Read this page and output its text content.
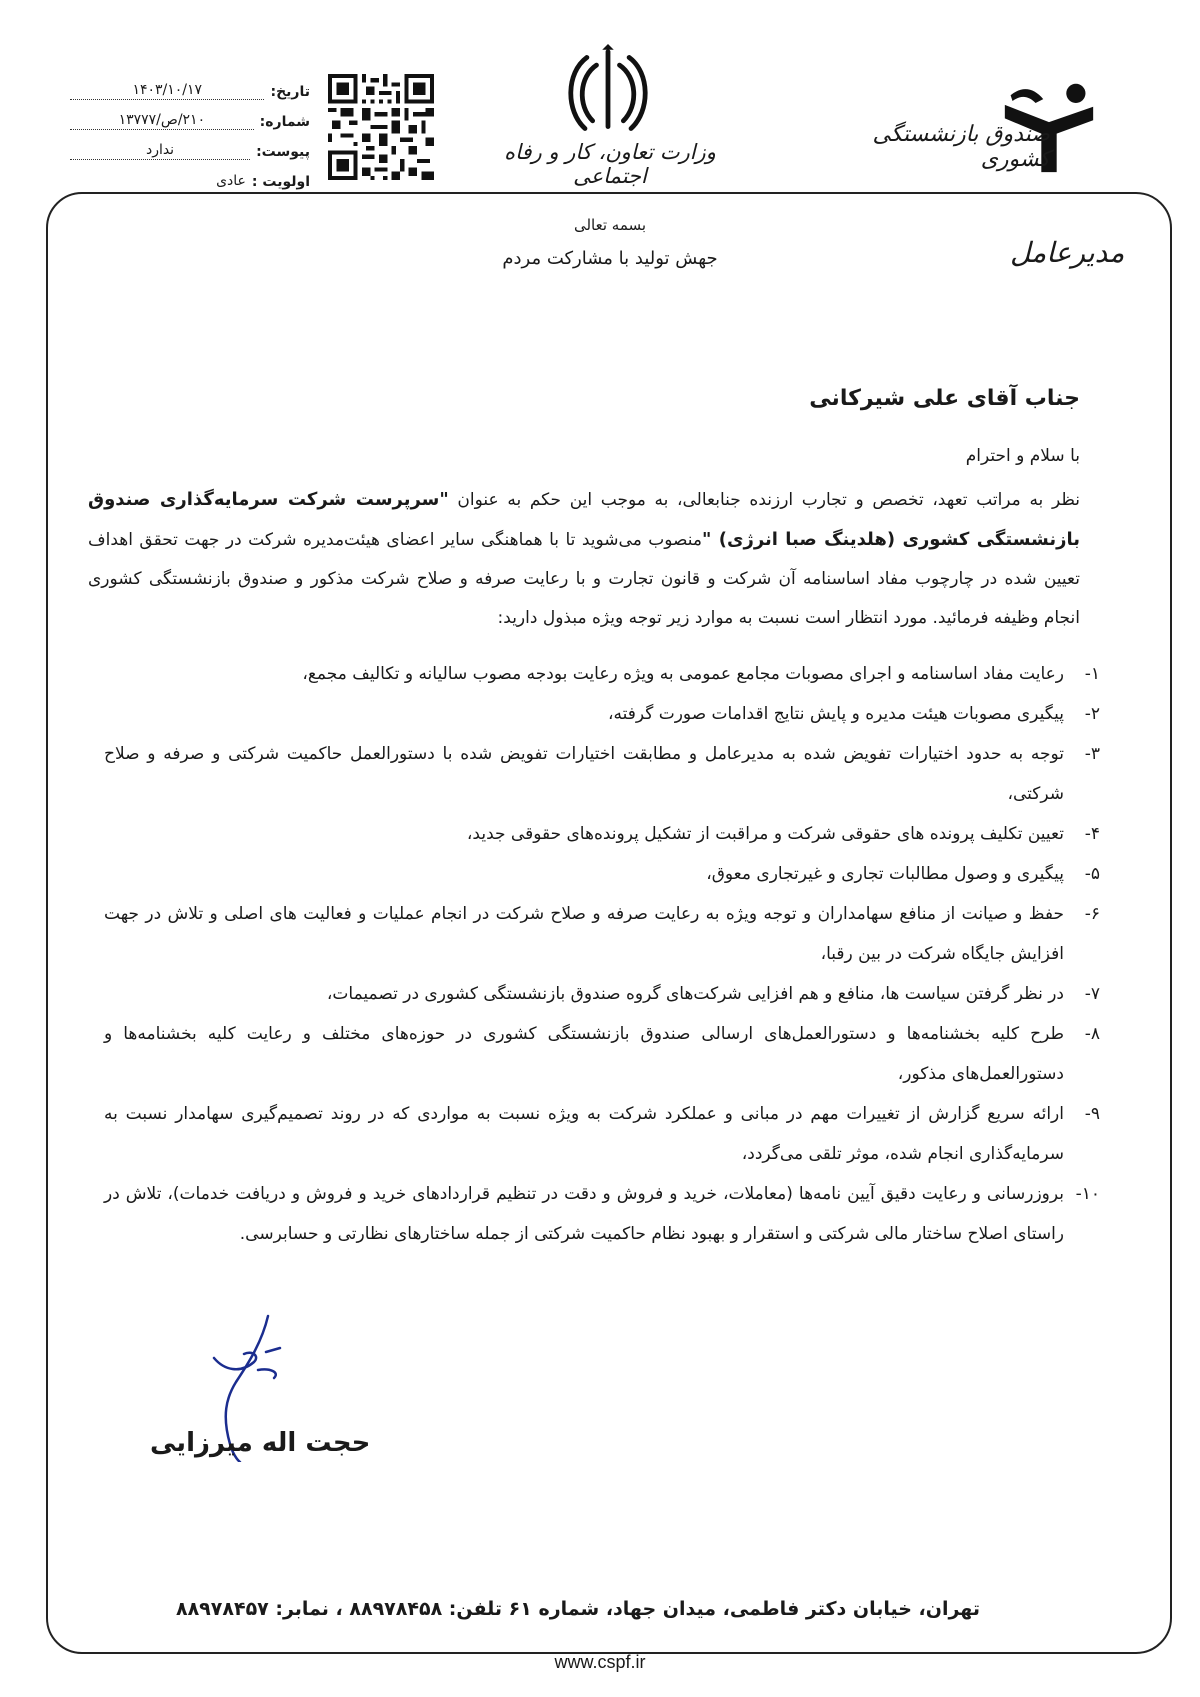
تاریخ:
۱۴۰۳/۱۰/۱۷
شماره:
۲۱۰/ص/۱۳۷۷۷
پیوست:
ندارد
اولویت :
عادی
وزارت تعاون، کار و رفاه اجتماعی
صندوق بازنشستگی کشوری
مدیرعامل
بسمه تعالی
جهش تولید با مشارکت مردم
جناب آقای علی شیرکانی
با سلام و احترام
نظر به مراتب تعهد، تخصص و تجارب ارزنده جنابعالی، به موجب این حکم به عنوان "سرپرست شرکت سرمایه‌گذاری صندوق بازنشستگی کشوری (هلدینگ صبا انرژی) "منصوب می‌شوید تا با هماهنگی سایر اعضای هیئت‌مدیره شرکت در جهت تحقق اهداف تعیین شده در چارچوب مفاد اساسنامه آن شرکت و قانون تجارت و با رعایت صرفه و صلاح شرکت مذکور و صندوق بازنشستگی کشوری انجام وظیفه فرمائید. مورد انتظار است نسبت به موارد زیر توجه ویژه مبذول دارید:
۱-
رعایت مفاد اساسنامه و اجرای مصوبات مجامع عمومی به ویژه رعایت بودجه مصوب سالیانه و تکالیف مجمع،
۲-
پیگیری مصوبات هیئت مدیره و پایش نتایج اقدامات صورت گرفته،
۳-
توجه به حدود اختیارات تفویض شده به مدیرعامل و مطابقت اختیارات تفویض شده با دستورالعمل حاکمیت شرکتی و صرفه و صلاح شرکتی،
۴-
تعیین تکلیف پرونده های حقوقی شرکت و مراقبت از تشکیل پرونده‌های حقوقی جدید،
۵-
پیگیری و وصول مطالبات تجاری و غیرتجاری معوق،
۶-
حفظ و صیانت از منافع سهامداران و توجه ویژه به رعایت صرفه و صلاح شرکت در انجام عملیات و فعالیت های اصلی و تلاش در جهت افزایش جایگاه شرکت در بین رقبا،
۷-
در نظر گرفتن سیاست ها، منافع و هم افزایی شرکت‌های گروه صندوق بازنشستگی کشوری در تصمیمات،
۸-
طرح کلیه بخشنامه‌ها و دستورالعمل‌های ارسالی صندوق بازنشستگی کشوری در حوزه‌های مختلف و رعایت کلیه بخشنامه‌ها و دستورالعمل‌های مذکور،
۹-
ارائه سریع گزارش از تغییرات مهم در مبانی و عملکرد شرکت به ویژه نسبت به مواردی که در روند تصمیم‌گیری سهامدار نسبت به سرمایه‌گذاری انجام شده، موثر تلقی می‌گردد،
۱۰-
بروزرسانی و رعایت دقیق آیین نامه‌ها (معاملات، خرید و فروش و دقت در تنظیم قراردادهای خرید و فروش و دریافت خدمات)، تلاش در راستای اصلاح ساختار مالی شرکتی و استقرار و بهبود نظام حاکمیت شرکتی از جمله ساختارهای نظارتی و حسابرسی.
حجت اله میرزایی
تهران، خیابان دکتر فاطمی، میدان جهاد، شماره ۶۱ تلفن: ۸۸۹۷۸۴۵۸ ، نمابر: ۸۸۹۷۸۴۵۷
www.cspf.ir
